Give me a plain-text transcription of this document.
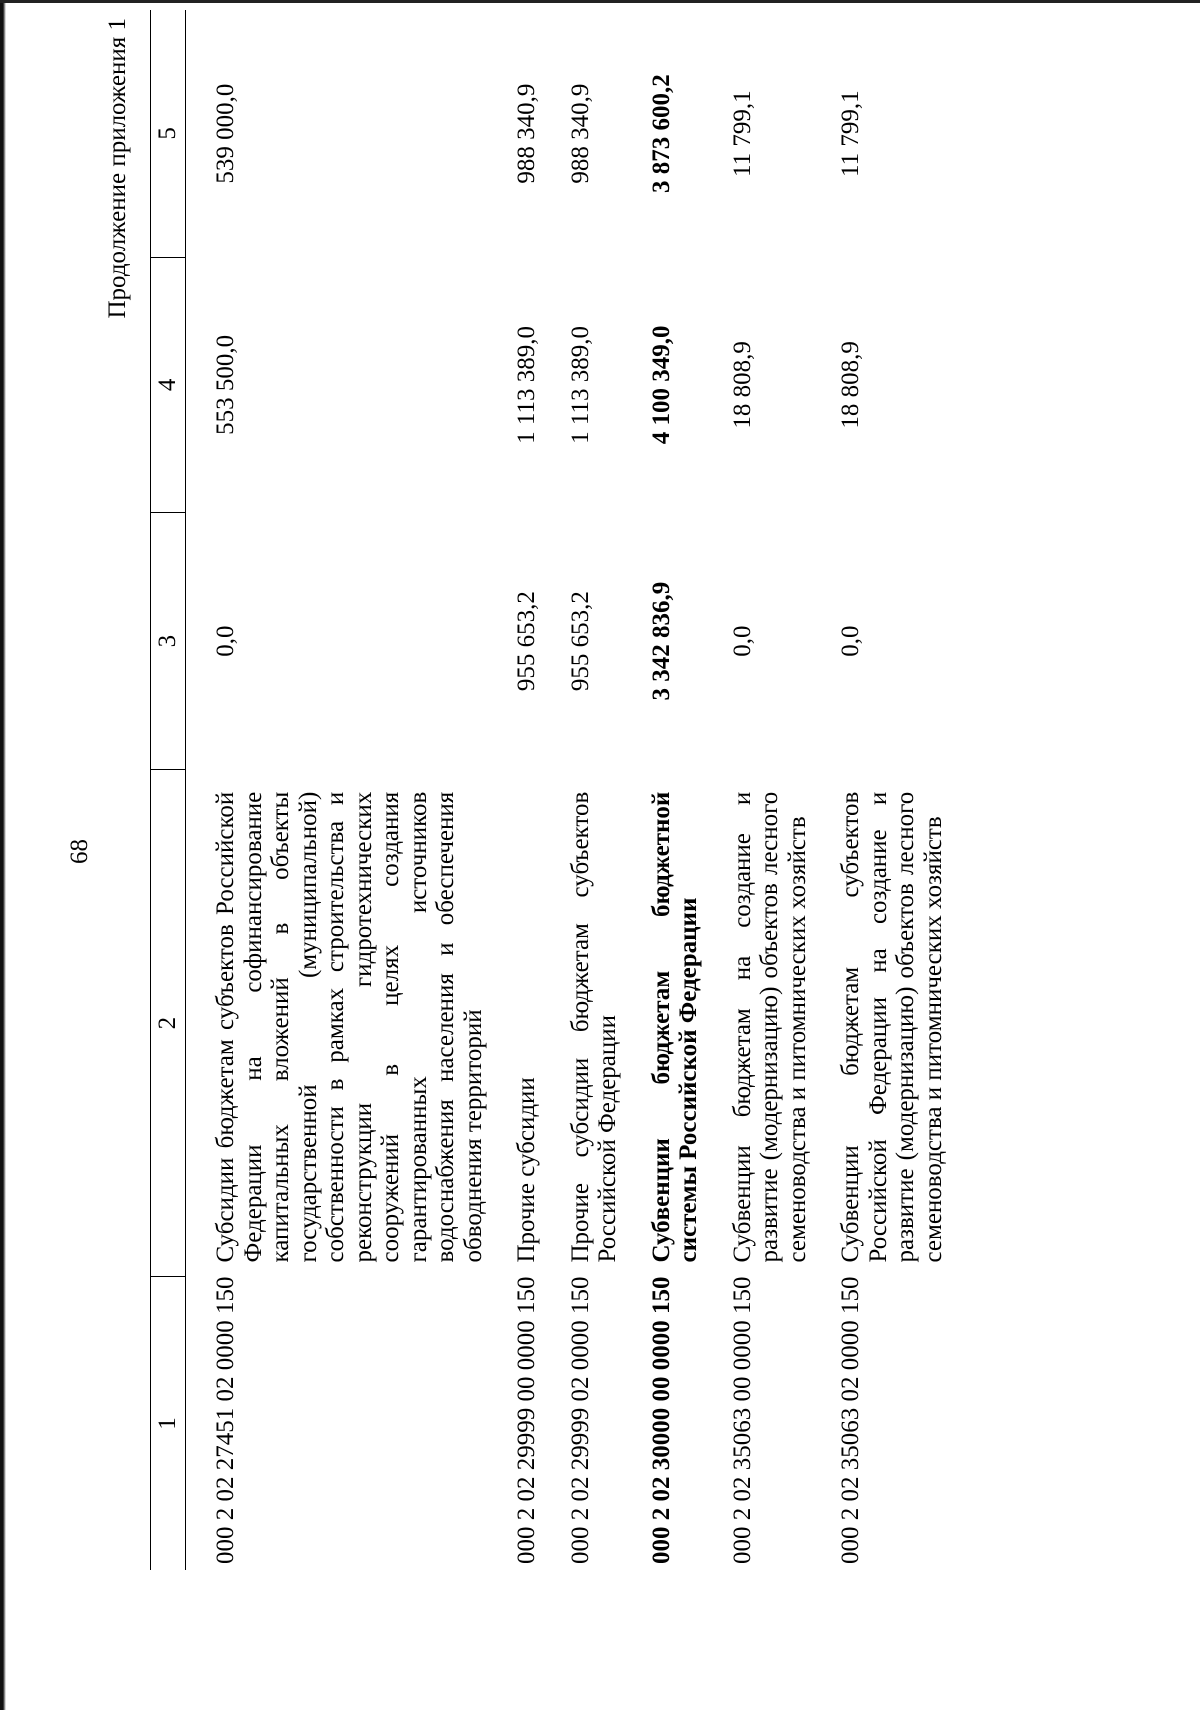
68
Продолжение приложения 1
1	2	3	4	5
000 2 02 27451 02 0000 150	Субсидии бюджетам субъектов Российской Федерации на софинансирование капитальных вложений в объекты государственной (муниципальной) собственности в рамках строительства и реконструкции гидротехнических сооружений в целях создания гарантированных источников водоснабжения населения и обеспечения обводнения территорий	0,0	553 500,0	539 000,0
000 2 02 29999 00 0000 150	Прочие субсидии	955 653,2	1 113 389,0	988 340,9
000 2 02 29999 02 0000 150	Прочие субсидии бюджетам субъектов Российской Федерации	955 653,2	1 113 389,0	988 340,9
000 2 02 30000 00 0000 150	Субвенции бюджетам бюджетной системы Российской Федерации	3 342 836,9	4 100 349,0	3 873 600,2
000 2 02 35063 00 0000 150	Субвенции бюджетам на создание и развитие (модернизацию) объектов лесного семеноводства и питомнических хозяйств	0,0	18 808,9	11 799,1
000 2 02 35063 02 0000 150	Субвенции бюджетам субъектов Российской Федерации на создание и развитие (модернизацию) объектов лесного семеноводства и питомнических хозяйств	0,0	18 808,9	11 799,1
